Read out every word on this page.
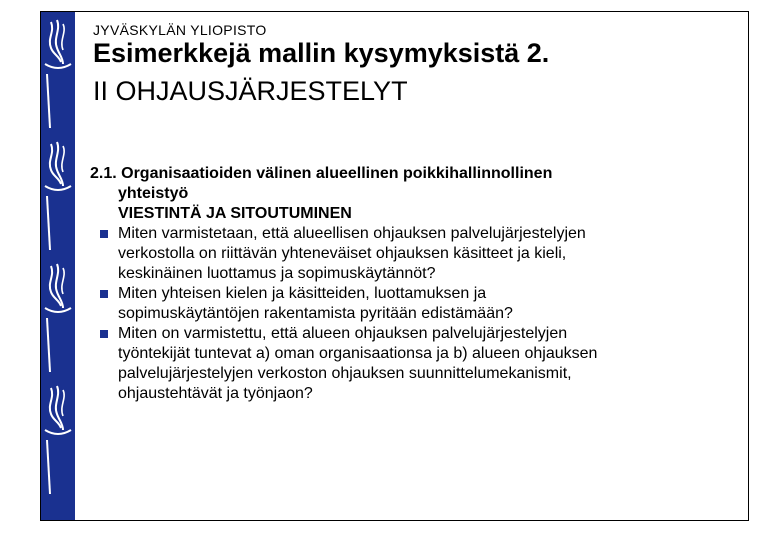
JYVÄSKYLÄN YLIOPISTO
Esimerkkejä mallin kysymyksistä 2.
II OHJAUSJÄRJESTELYT
2.1. Organisaatioiden välinen alueellinen poikkihallinnollinen
yhteistyö
VIESTINTÄ JA SITOUTUMINEN
Miten varmistetaan, että alueellisen ohjauksen palvelujärjestelyjen
verkostolla on riittävän yhteneväiset ohjauksen käsitteet ja kieli,
keskinäinen luottamus ja sopimuskäytännöt?
Miten yhteisen kielen ja käsitteiden, luottamuksen ja
sopimuskäytäntöjen rakentamista pyritään edistämään?
Miten on varmistettu, että alueen ohjauksen palvelujärjestelyjen
työntekijät tuntevat a) oman organisaationsa ja b) alueen ohjauksen
palvelujärjestelyjen verkoston ohjauksen suunnittelumekanismit,
ohjaustehtävät ja työnjaon?
